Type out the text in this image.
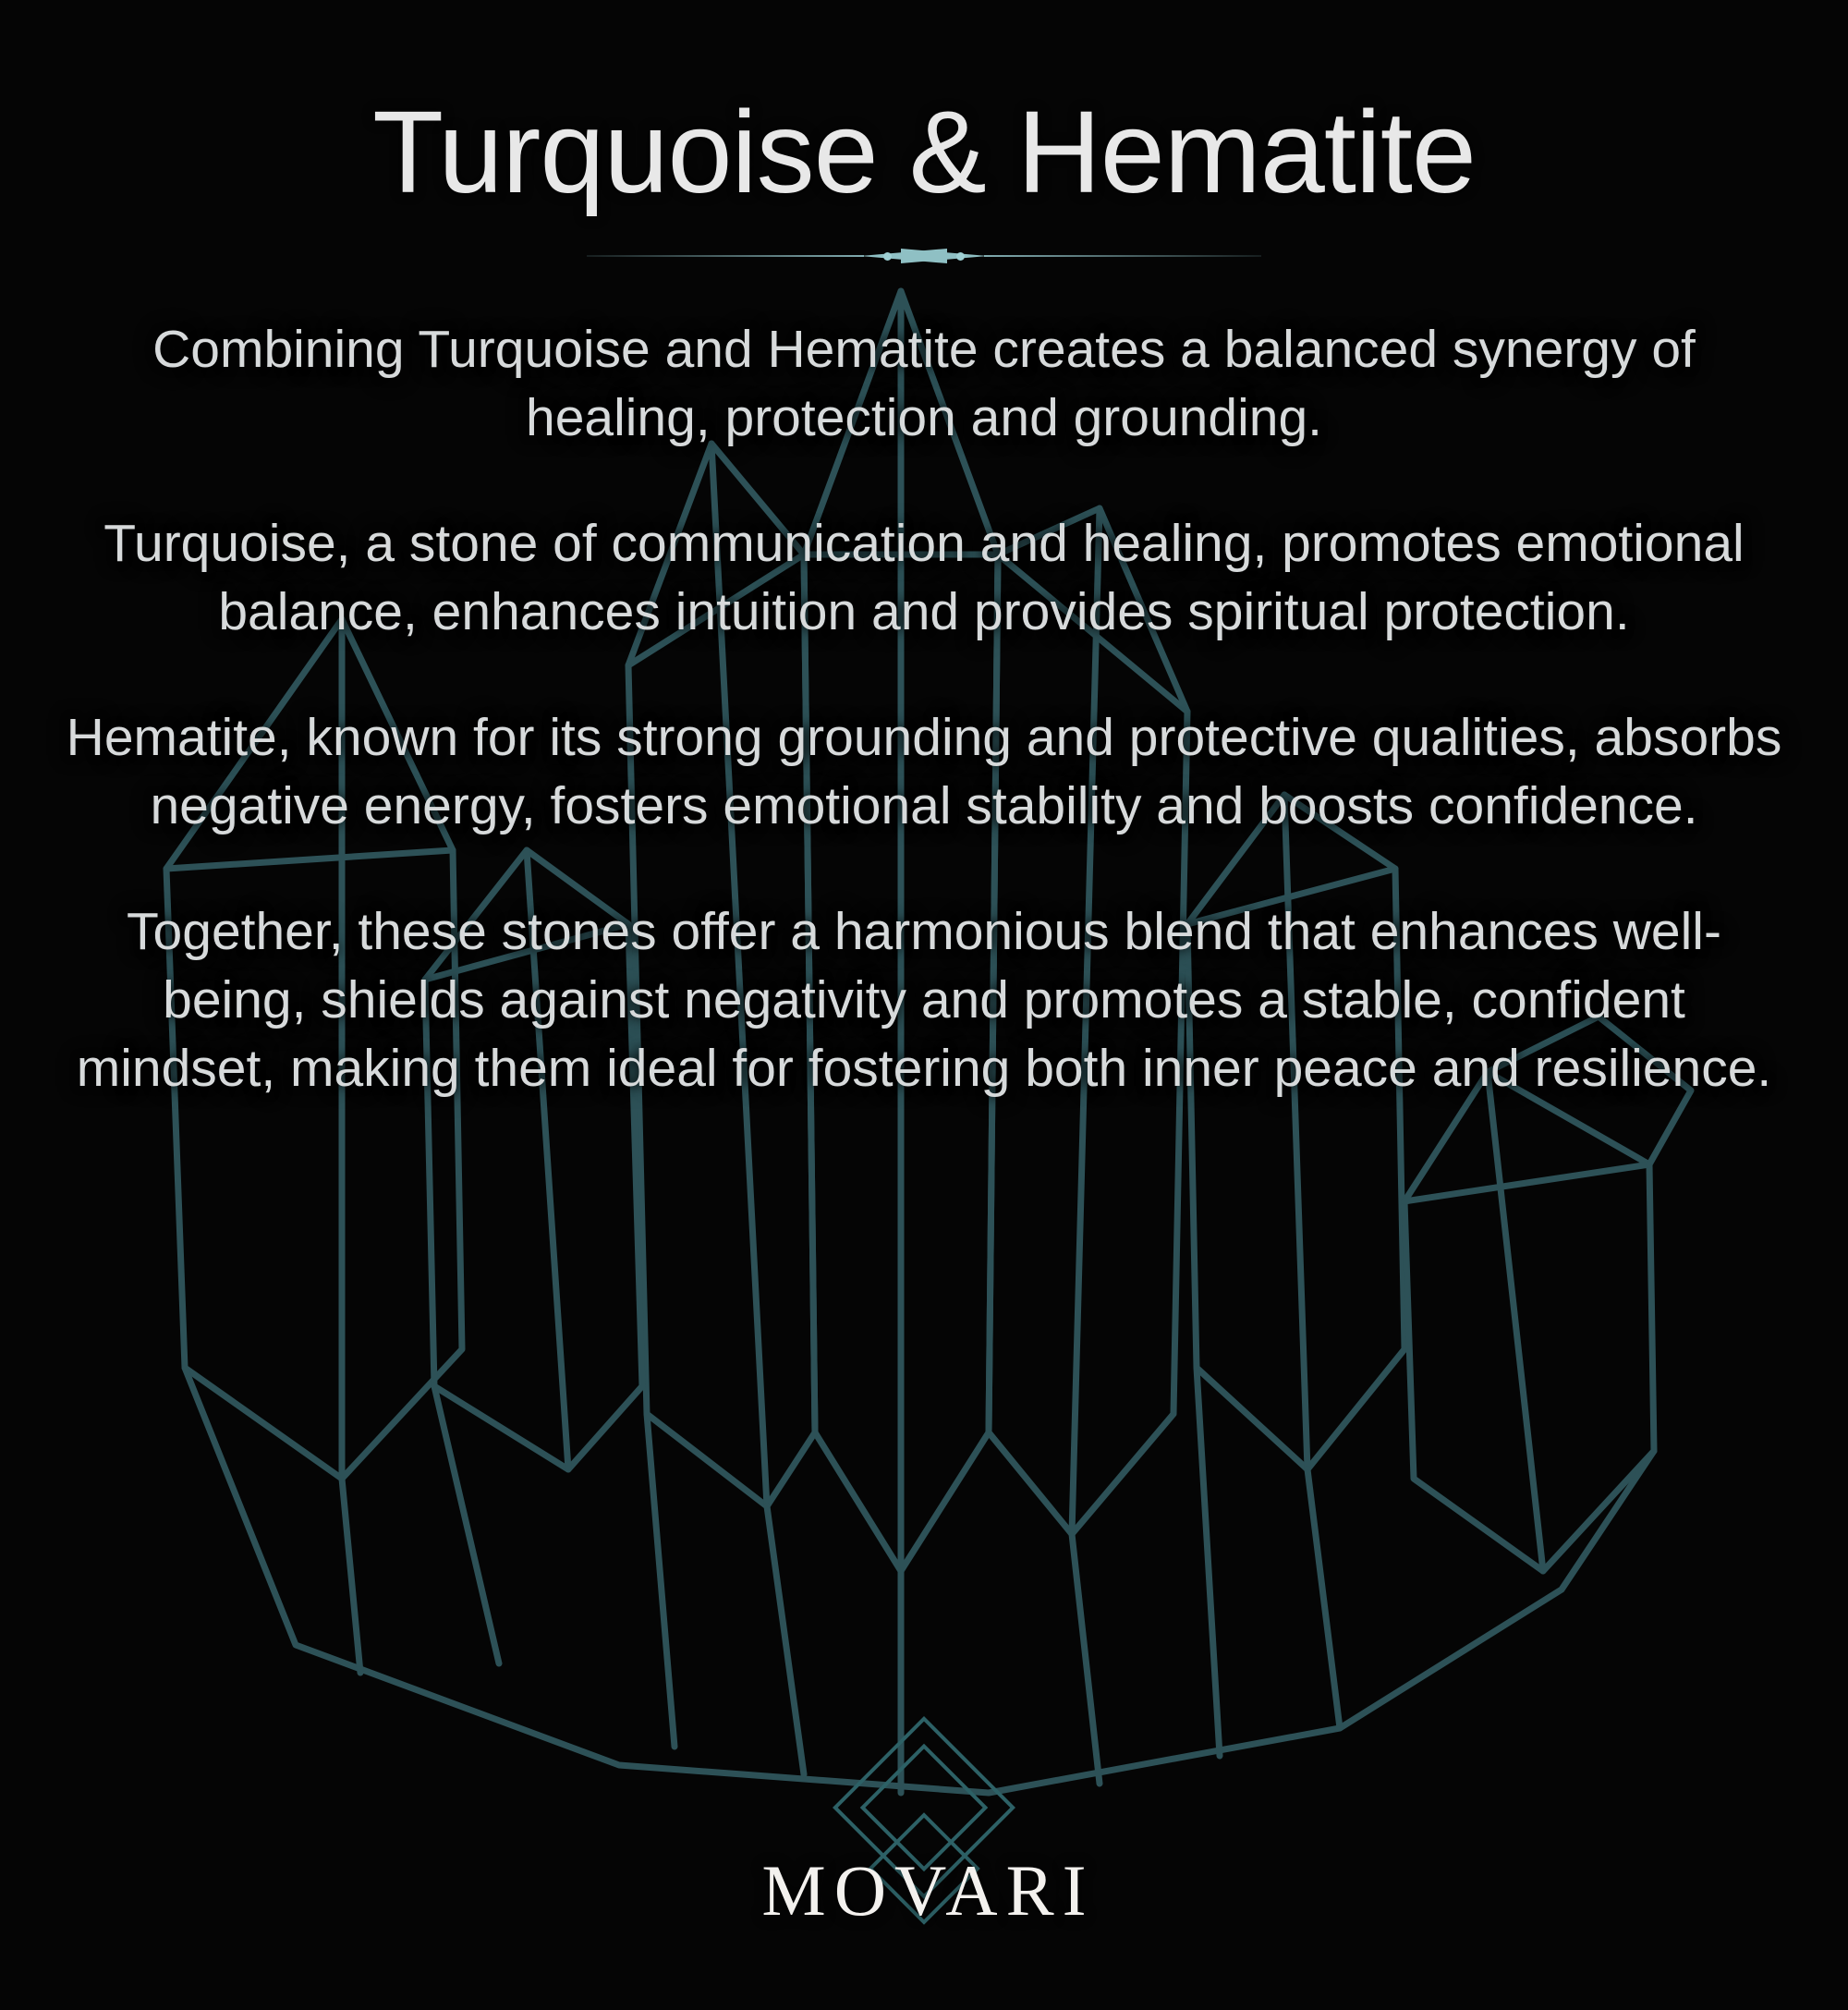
Turquoise & Hematite

Combining Turquoise and Hematite creates a balanced synergy of healing, protection and grounding.

Turquoise, a stone of communication and healing, promotes emotional balance, enhances intuition and provides spiritual protection.

Hematite, known for its strong grounding and protective qualities, absorbs negative energy, fosters emotional stability and boosts confidence.

Together, these stones offer a harmonious blend that enhances well-being, shields against negativity and promotes a stable, confident mindset, making them ideal for fostering both inner peace and resilience.

MOVARI
